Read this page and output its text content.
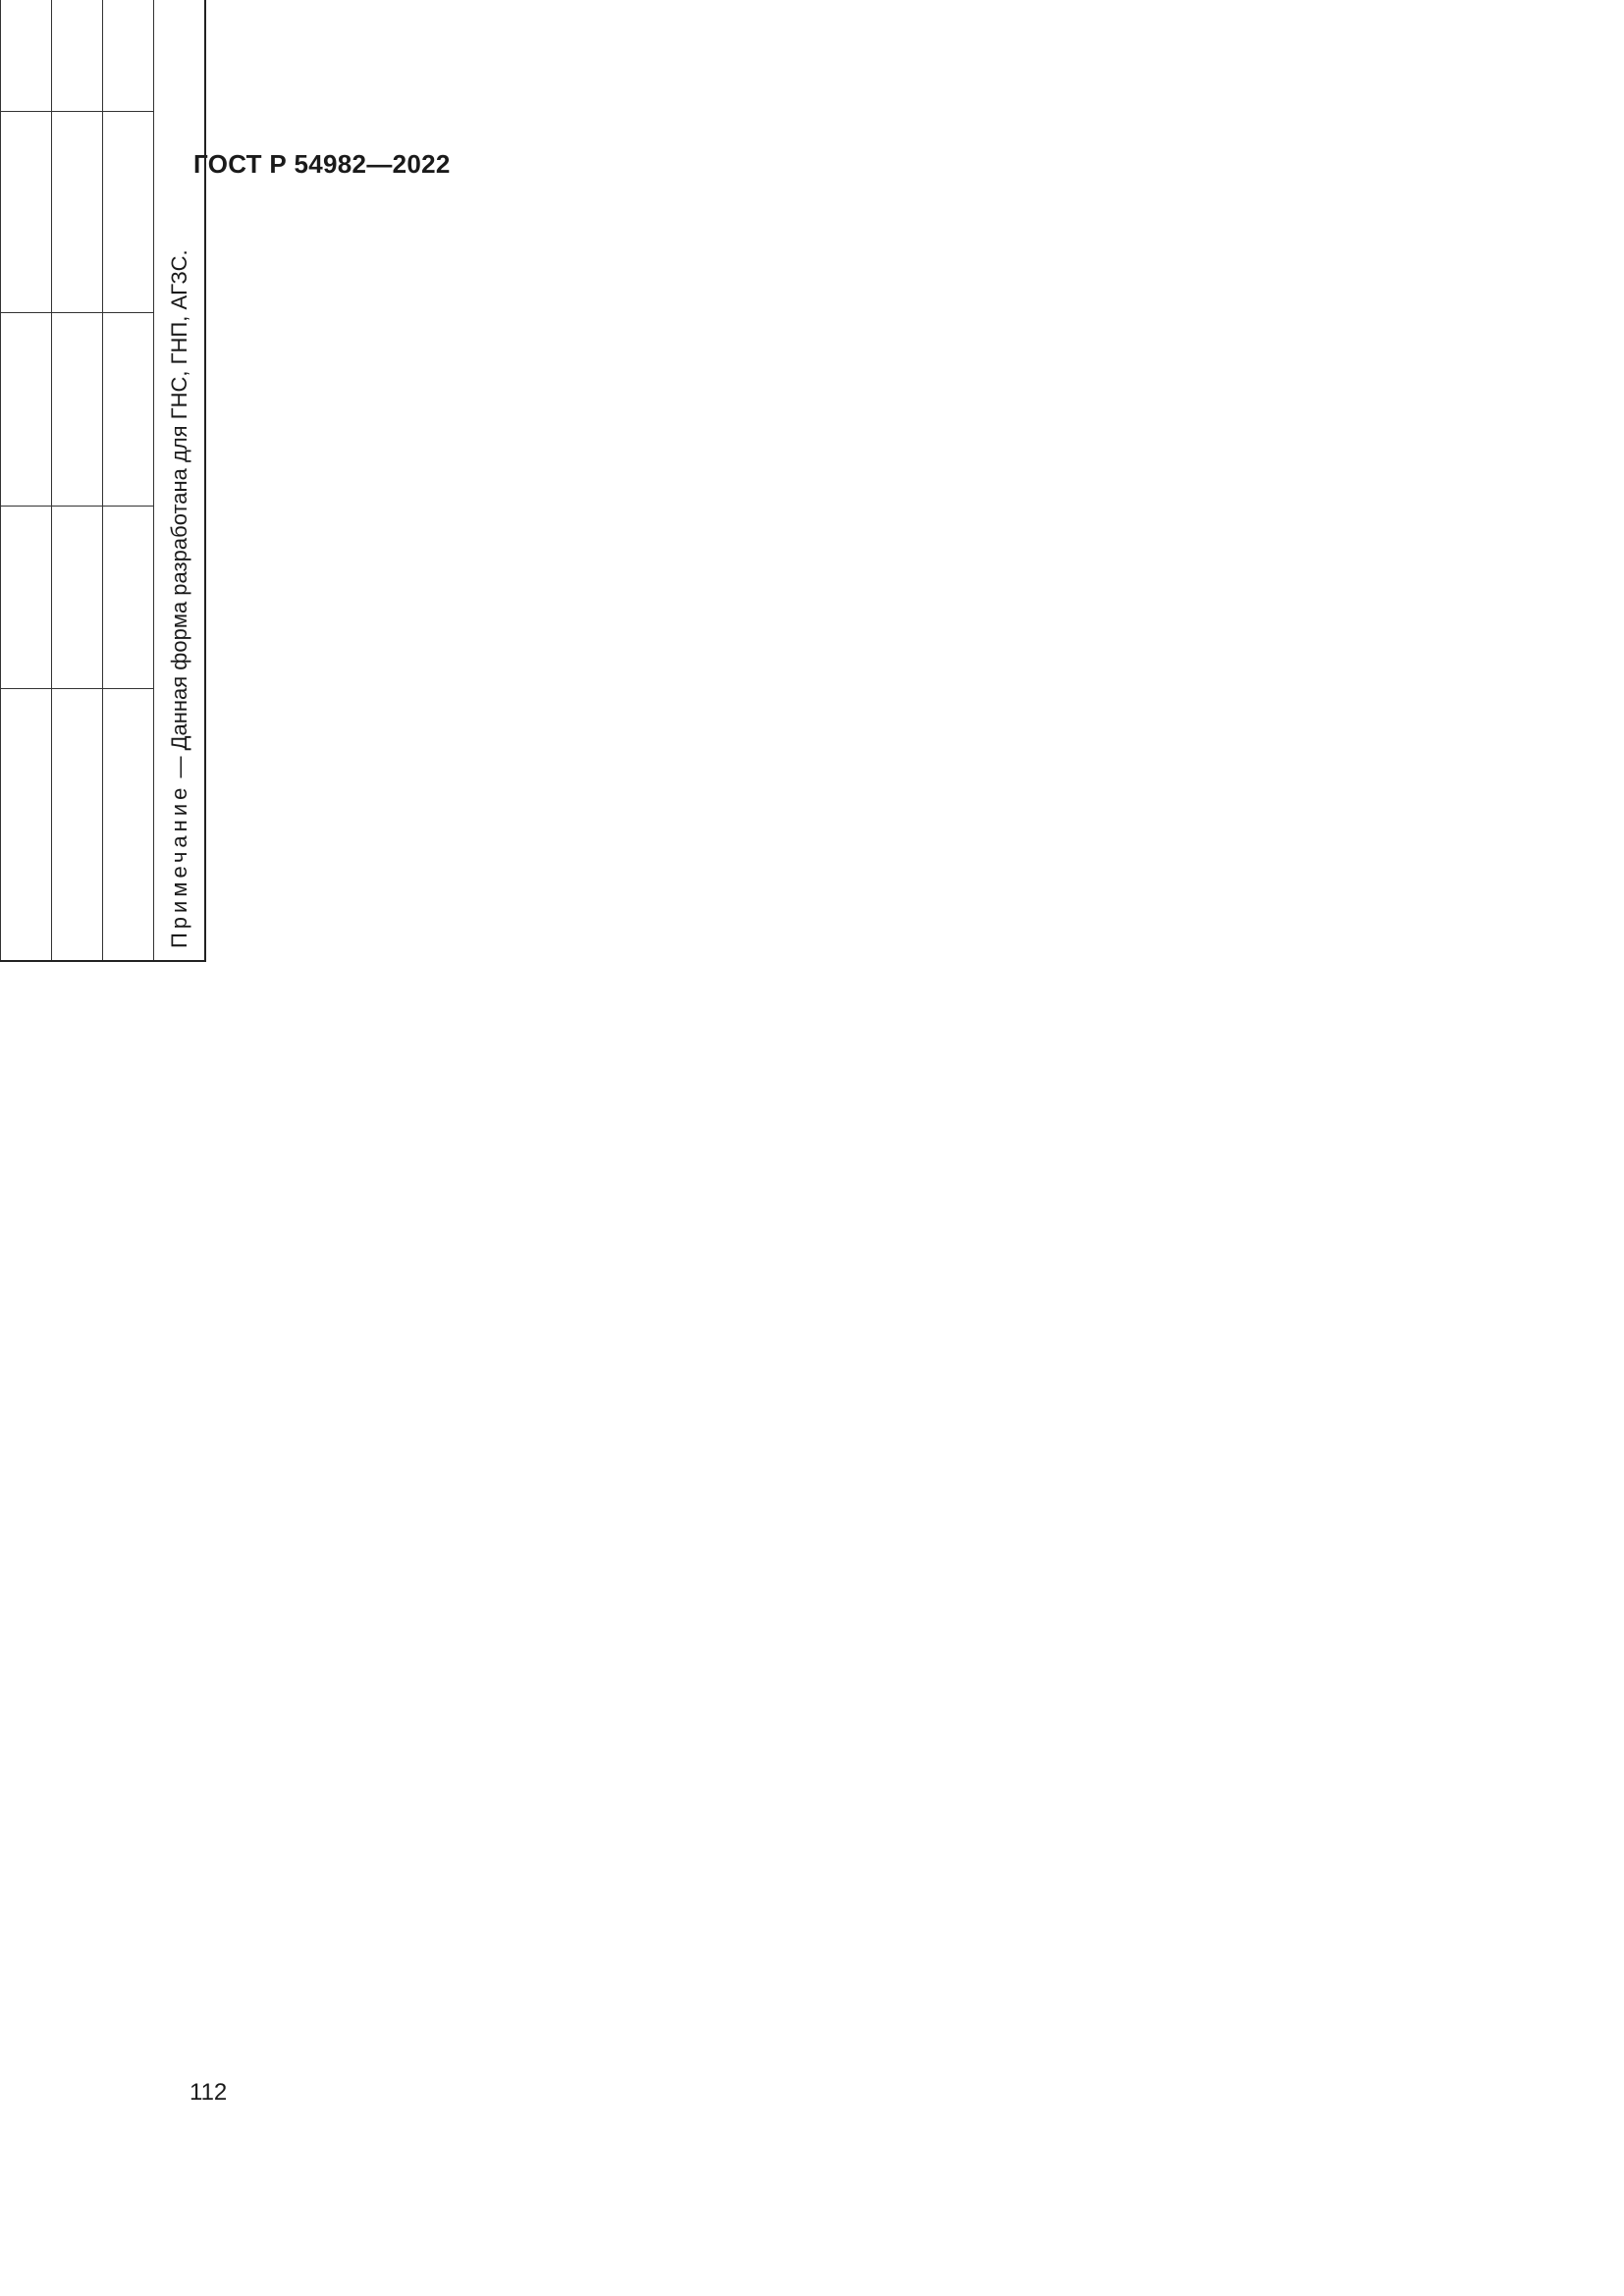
ГОСТ Р 54982—2022
112

Примечание — Данная форма разработана для ГНС, ГНП, АГЗС.								
